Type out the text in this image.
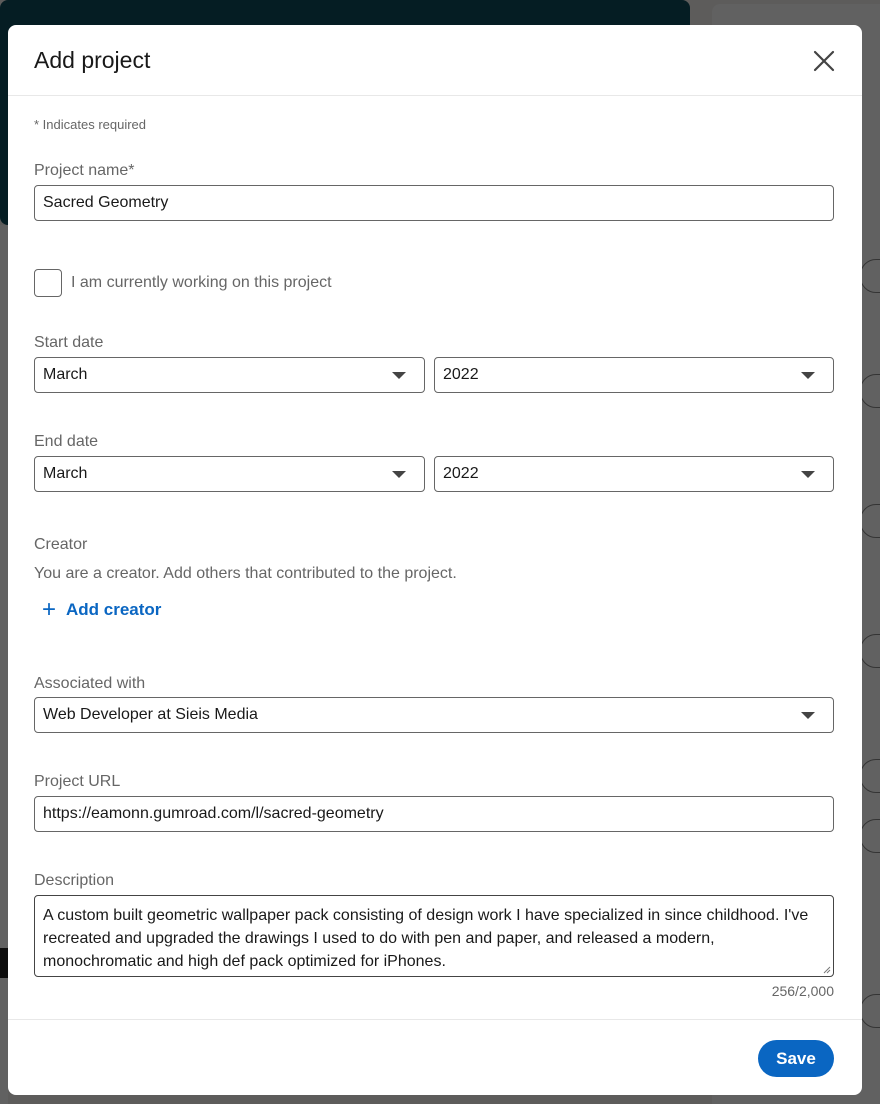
Add project
* Indicates required
Project name*
Sacred Geometry
I am currently working on this project
Start date
March	2022
End date
March	2022
Creator
You are a creator. Add others that contributed to the project.
+ Add creator
Associated with
Web Developer at Sieis Media
Project URL
https://eamonn.gumroad.com/l/sacred-geometry
Description
A custom built geometric wallpaper pack consisting of design work I have specialized in since childhood. I've recreated and upgraded the drawings I used to do with pen and paper, and released a modern, monochromatic and high def pack optimized for iPhones.
256/2,000
Save
